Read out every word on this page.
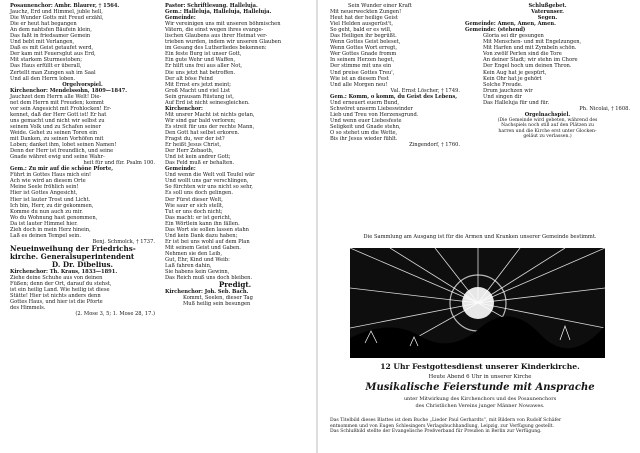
Posaunenchor: Ambr. Blaurer, † 1564.

Jauchz, Erd und Himmel, juble hell,

Die Wunder Gotts mit Freud erzähl,

Die er heut hat begangen

An dem nahtsfen Bäufein klein,

Das faßt in friedsamer Gemein

Und bebt mit Verlangen,

Daß es mit Geist getaufet werd,

Der kam mit Feuersglut aus Erd,

Mit starkem Sturmestoben;

Das Haus erfüllt er überall,

Zertellt man Zungen sah im Saal

Und all den Herrn loben.

Orgelvorspiel.

Kirchenchor: Mendelssohn, 1809—1847.

Jauchzet dem Herrn alle Welt! Die-

net dem Herrn mit Freuden; kommt

vor sein Angesicht mit Frohlocken! Er-

kennet, daß der Herr Gott ist! Er hat

uns gemacht und nicht wir selbst zu

seinem Volk und zu Schafen seiner

Weide. Gehet zu seinen Toren ein

mit Danken, zu seinen Vorhöfen mit

Loben; danket ihm, lobet seinen Namen!

Denn der Herr ist freundlich, und seine

Gnade währet ewig und seine Wahr-

heit für und für. Psalm 100.

Gem.: Zu mir auf die schöne Pforte,

Führt in Gottes Haus mich ein!

Ach wie wird an diesem Orte

Meine Seele fröhlich sein!

Hier ist Gottes Angesicht,

Hier ist lauter Trost und Licht.

Ich bin, Herr, zu dir gekommen,

Komme du nun auch zu mir.

Wo du Wohnung hast genommen,

Da ist lauter Himmel hier.

Zieh doch in mein Herz hinein,

Laß es deinen Tempel sein.

Benj. Schmolck, † 1737.

Neueinweihung der Friedrichs-

kirche. Generalsuperintendent

D. Dr. Dibelius.

Kirchenchor: Th. Kraus, 1833—1891.

Ziehe deine Schuhe aus von deinen

Füßen; denn der Ort, darauf du stehst,

ist ein heilig Land. Wie heilig ist diese

Stätte! Hier ist nichts anders denn

Gottes Haus, und hier ist die Pforte

des Himmels.

(2. Mose 3, 5; 1. Mose 28, 17.)

Pastor: Schriftlesung. Halleluja.

Gem.: Halleluja, Halleluja, Halleluja.

Gemeinde:

Wir vereinigen uns mit unseren böhmischen

Vätern, die einst wegen ihres evange-

lischen Glaubens aus ihrer Heimat ver-

trieben wurden, indem wir unseren Glauben

im Gesang des Lutherliedes bekennen:

Ein feste Burg ist unser Gott,

Ein gute Wehr und Waffen,

Er hilft uns frei aus aller Not,

Die uns jetzt hat betroffen.

Der alt böse Feind

Mit Ernst ers jetzt meint;

Groß Macht und viel List

Sein grausam Rüstung ist,

Auf Erd ist nicht seinesgleichen.

Kirchenchor:

Mit unsrer Macht ist nichts getan,

Wir sind gar bald verloren;

Es streit für uns der rechte Mann,

Den Gott hat selbst erkoren.

Fragst du, wer der ist?

Er heißt Jesus Christ,

Der Herr Zebaoth,

Und ist kein andrer Gott;

Das Feld muß er behalten.

Gemeinde:

Und wenn die Welt voll Teufel wär

Und wollt uns gar verschlingen,

So fürchten wir uns nicht so sehr,

Es soll uns doch gelingen.

Der Fürst dieser Welt,

Wie saur er sich stellt,

Tut er uns doch nicht;

Das macht: er ist gericht,

Ein Wörtlein kann ihn fällen.

Das Wort sie sollen lassen stahn

Und kein Dank dazu haben;

Er ist bei uns wohl auf dem Plan

Mit seinem Geist und Gaben.

Nehmen sie den Leib,

Gut, Ehr, Kind und Weib:

Laß fahren dahin,

Sie habens kein Gewinn,

Das Reich muß uns doch bleiben.

Predigt.

Kirchenchor: Joh. Seb. Bach.

Kommt, Seelen, dieser Tag

Muß heilig sein besungen

Sein Wunder einer Kraft

Mit neuerweckten Zungen!

Heut hat der heilige Geist

Viel Helden ausgerüst't,

So geht, bald er es will,

Das Heiligen ihr begrüßt.

Wenn Gottes Geist beleset,

Wenn Gottes Wort erregt,

Wer Gottes Gnade fromm

In seinem Herzen heget,

Der stimme mit uns ein

Und preise Gottes Treu',

Wie ist an diesem Fest

Und alle Morgen neu!

Val. Ernst Löscher, † 1749.

Gem.: Komm, o komm, du Geist des Lebens,

Und erneuert euern Bund,

Schwöret unserm Liebeswinder

Lieb und Treu von Herzensgrund.

Und wenn euer Liebesfeste

Seligkeit und Gnade stehn,

O so stehet um die Wette,

Bis ihr Jesus wieder fühlt.

Zingendorf, † 1760.

Schlußgebet.

Vaterunser.

Segen.

Gemeinde: Amen, Amen, Amen.

Gemeinde: (stehend)

Gloria sei dir gesungen

Mit Menschen- und mit Engelzungen,

Mit Harfen und mit Zymbeln schön.

Von zwölf Perlen sind die Tore

An deiner Stadt; wir stehn im Chore

Der Engel hoch um deinen Thron.

Kein Aug hat je gespürt,

Kein Ohr hat je gehört

Solche Freude.

Drum jauchzen wir

Und singen dir

Das Halleluja für und für.

Ph. Nicolai, † 1608.

Orgelnachspiel.

(Die Gemeinde wird gebeten, während des

Nachspiels noch still auf den Plätzen zu

harren und die Kirche erst unter Glocken-

geläut zu verlassen.)

Die Sammlung am Ausgang ist für die Armen und Kranken unserer Gemeinde bestimmt.
12 Uhr Festgottesdienst unserer Kinderkirche.
Heute Abend 6 Uhr in unserer Kirche
Musikalische Feierstunde mit Ansprache
unter Mitwirkung des Kirchenchors und des Posaunenchors
des Christlichen Vereins junger Männer Nowawes.
Das Titelbild dieses Blattes ist dem Buche „Lieder Paul Gerhardts“, mit Bildern von Rudolf Schäfer
entnommen und von Eugen Schlesingers Verlagsbuchhandlung, Leipzig, zur Verfügung gestellt.
Das Schlußbild stellte der Evangelische Preßverband für Preußen in Berlin zur Verfügung.
